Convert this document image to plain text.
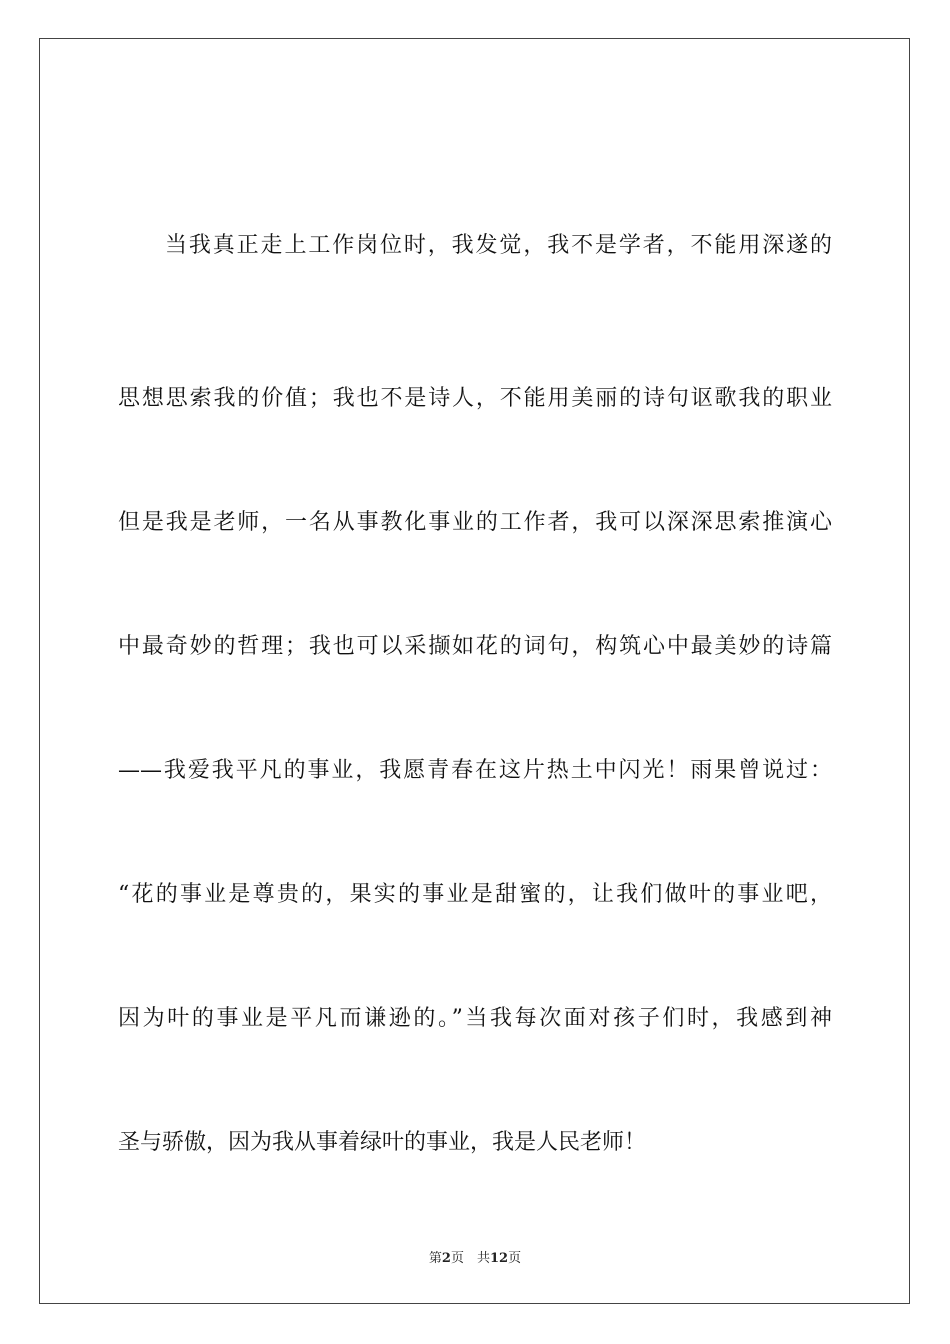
当我真正走上工作岗位时，我发觉，我不是学者，不能用深遂的
思想思索我的价值；我也不是诗人，不能用美丽的诗句讴歌我的职业
但是我是老师，一名从事教化事业的工作者，我可以深深思索推演心
中最奇妙的哲理；我也可以采撷如花的词句，构筑心中最美妙的诗篇
——我爱我平凡的事业，我愿青春在这片热土中闪光！雨果曾说过：
“花的事业是尊贵的，果实的事业是甜蜜的，让我们做叶的事业吧，
因为叶的事业是平凡而谦逊的。”当我每次面对孩子们时，我感到神
圣与骄傲，因为我从事着绿叶的事业，我是人民老师！
第2页　共12页
